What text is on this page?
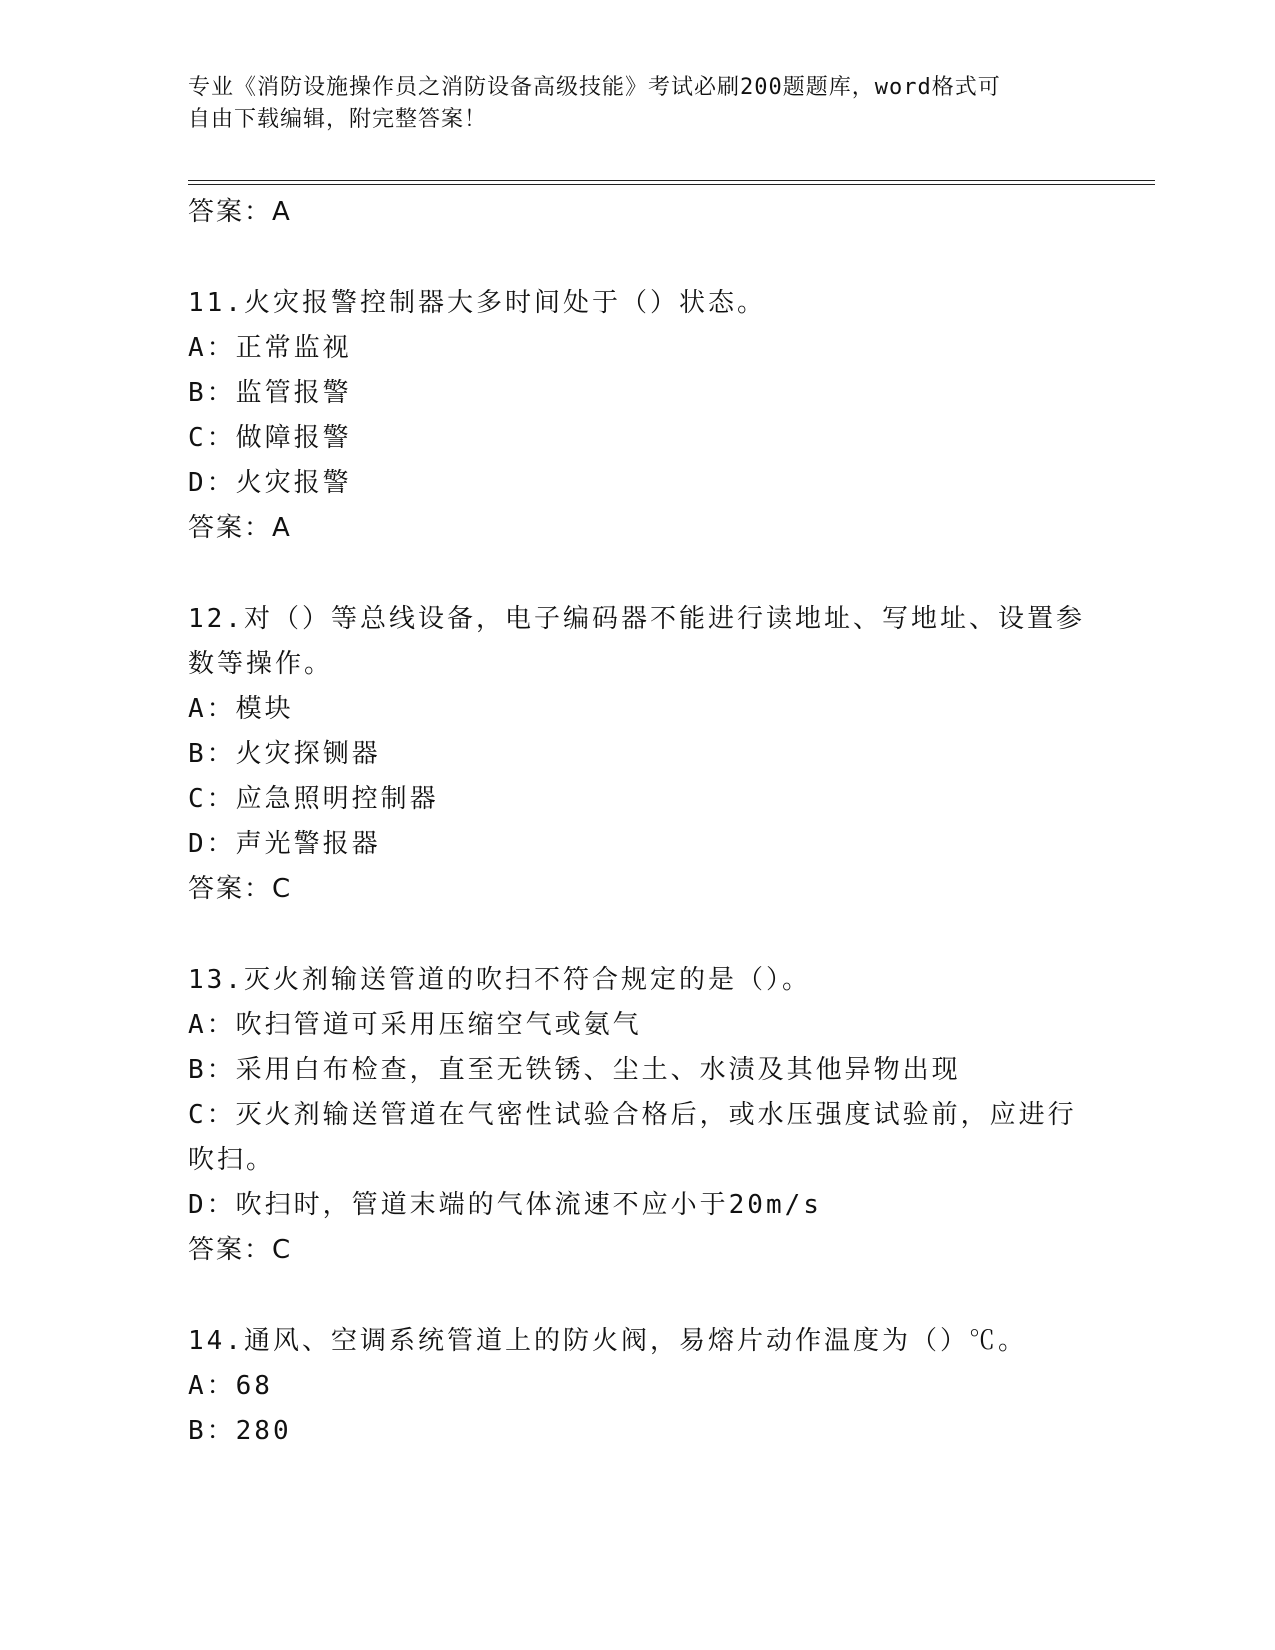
专业《消防设施操作员之消防设备高级技能》考试必刷200题题库，word格式可
自由下载编辑，附完整答案！
答案：A
11.火灾报警控制器大多时间处于（）状态。
A：正常监视
B：监管报警
C：做障报警
D：火灾报警
答案：A
12.对（）等总线设备，电子编码器不能进行读地址、写地址、设置参
数等操作。
A：模块
B：火灾探铡器
C：应急照明控制器
D：声光警报器
答案：C
13.灭火剂输送管道的吹扫不符合规定的是（）。
A：吹扫管道可采用压缩空气或氨气
B：采用白布检查，直至无铁锈、尘土、水渍及其他异物出现
C：灭火剂输送管道在气密性试验合格后，或水压强度试验前，应进行
吹扫。
D：吹扫时，管道末端的气体流速不应小于20m/s
答案：C
14.通风、空调系统管道上的防火阀，易熔片动作温度为（）℃。
A：68
B：280
